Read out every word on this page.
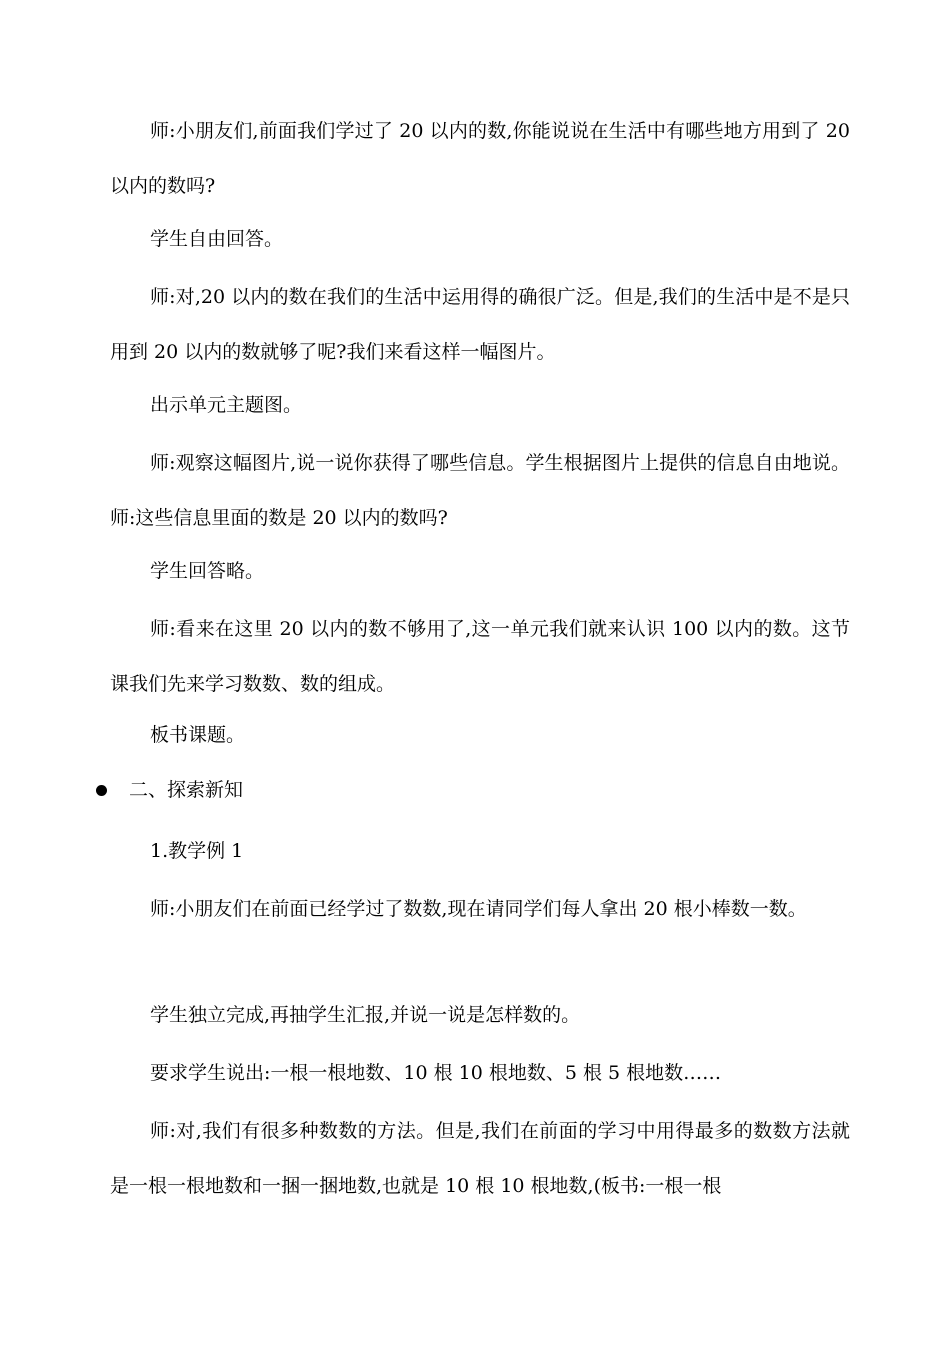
师:小朋友们,前面我们学过了 20 以内的数,你能说说在生活中有哪些地方用到了 20 以内的数吗?

学生自由回答。

师:对,20 以内的数在我们的生活中运用得的确很广泛。但是,我们的生活中是不是只用到 20 以内的数就够了呢?我们来看这样一幅图片。

出示单元主题图。

师:观察这幅图片,说一说你获得了哪些信息。学生根据图片上提供的信息自由地说。师:这些信息里面的数是 20 以内的数吗?

学生回答略。

师:看来在这里 20 以内的数不够用了,这一单元我们就来认识 100 以内的数。这节课我们先来学习数数、数的组成。

板书课题。

二、探索新知

1.教学例 1

师:小朋友们在前面已经学过了数数,现在请同学们每人拿出 20 根小棒数一数。

学生独立完成,再抽学生汇报,并说一说是怎样数的。

要求学生说出:一根一根地数、10 根 10 根地数、5 根 5 根地数……

师:对,我们有很多种数数的方法。但是,我们在前面的学习中用得最多的数数方法就是一根一根地数和一捆一捆地数,也就是 10 根 10 根地数,(板书:一根一根
